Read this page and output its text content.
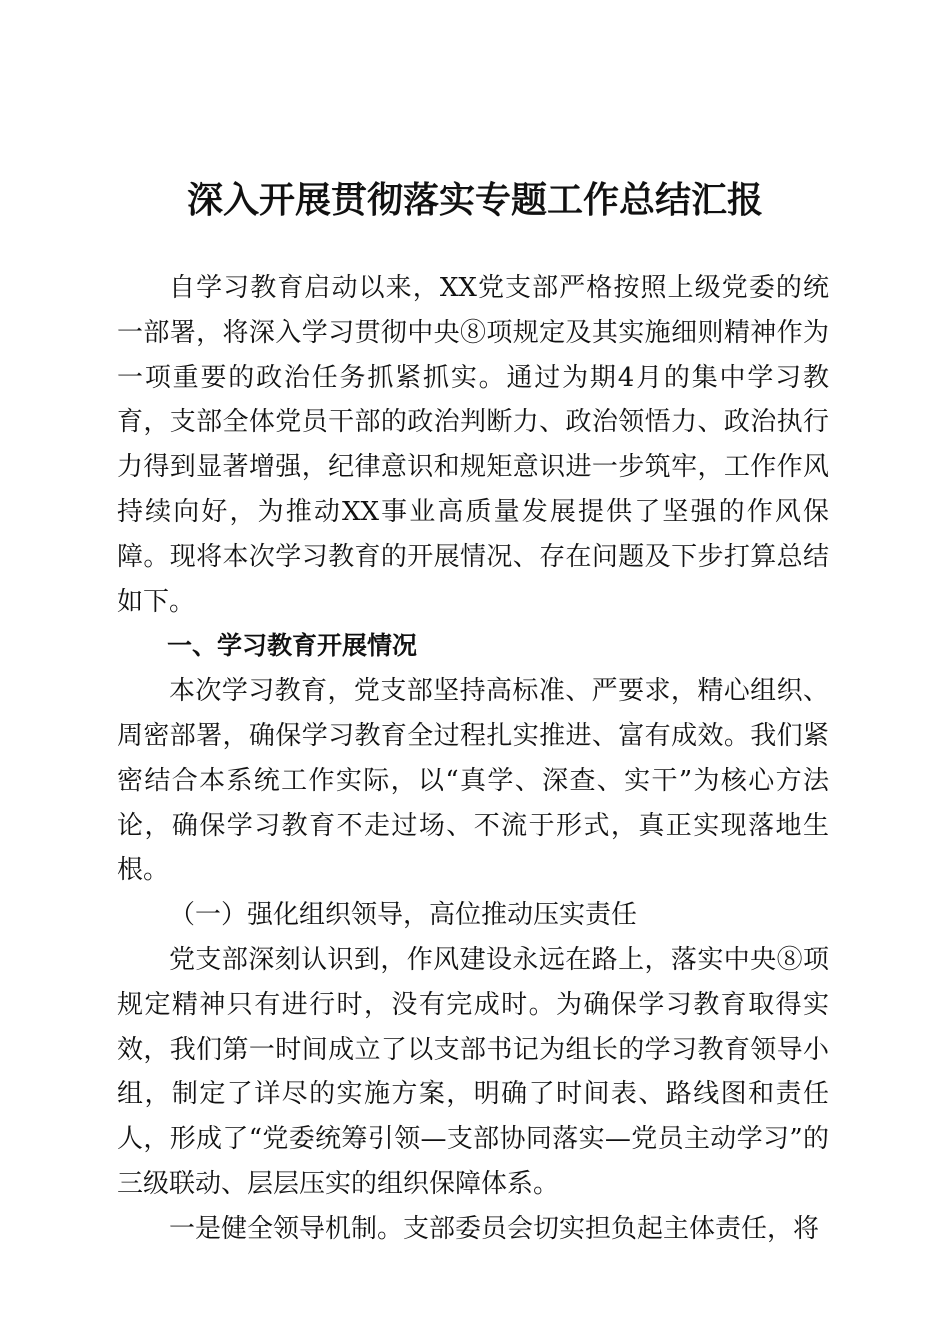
深入开展贯彻落实专题工作总结汇报

自学习教育启动以来，XX党支部严格按照上级党委的统一部署，将深入学习贯彻中央⑧项规定及其实施细则精神作为一项重要的政治任务抓紧抓实。通过为期4月的集中学习教育，支部全体党员干部的政治判断力、政治领悟力、政治执行力得到显著增强，纪律意识和规矩意识进一步筑牢，工作作风持续向好，为推动XX事业高质量发展提供了坚强的作风保障。现将本次学习教育的开展情况、存在问题及下步打算总结如下。

一、学习教育开展情况

本次学习教育，党支部坚持高标准、严要求，精心组织、周密部署，确保学习教育全过程扎实推进、富有成效。我们紧密结合本系统工作实际，以“真学、深查、实干”为核心方法论，确保学习教育不走过场、不流于形式，真正实现落地生根。

（一）强化组织领导，高位推动压实责任

党支部深刻认识到，作风建设永远在路上，落实中央⑧项规定精神只有进行时，没有完成时。为确保学习教育取得实效，我们第一时间成立了以支部书记为组长的学习教育领导小组，制定了详尽的实施方案，明确了时间表、路线图和责任人，形成了“党委统筹引领—支部协同落实—党员主动学习”的三级联动、层层压实的组织保障体系。

一是健全领导机制。支部委员会切实担负起主体责任，将
